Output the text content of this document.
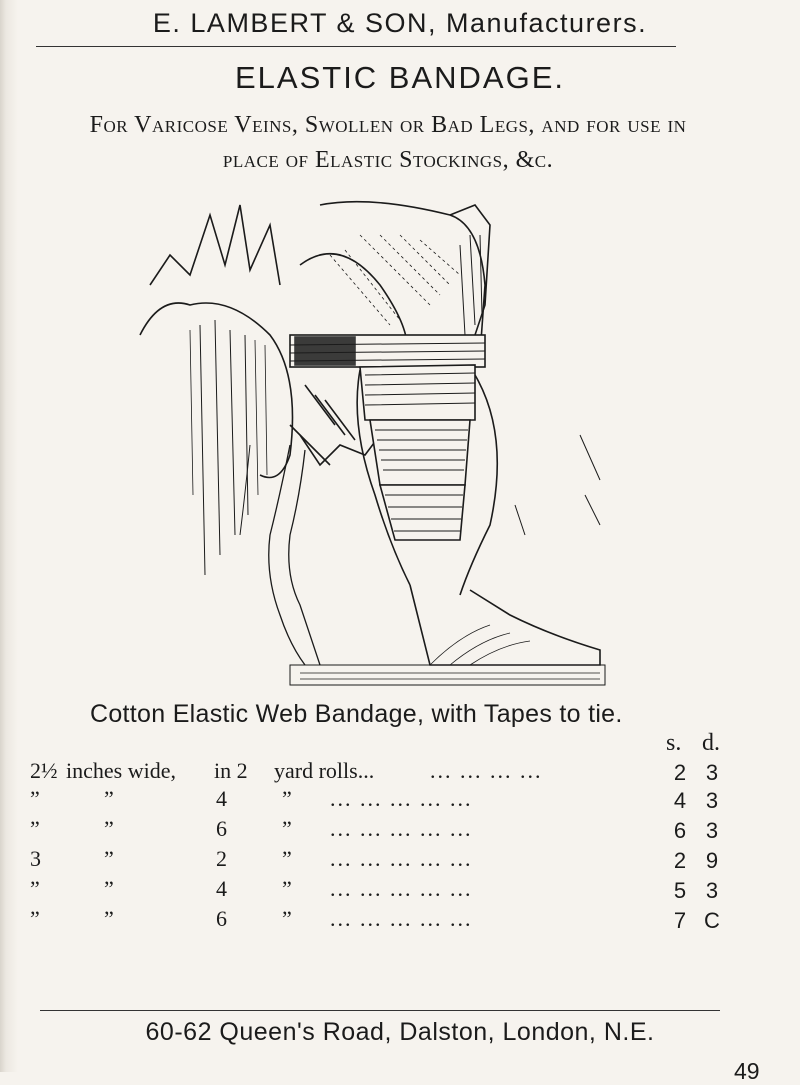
E. LAMBERT & SON, Manufacturers.
ELASTIC BANDAGE.
For Varicose Veins, Swollen or Bad Legs, and for use in
place of Elastic Stockings, &c.
Cotton Elastic Web Bandage, with Tapes to tie.
s. d.
2½ inches wide, in 2 yard rolls...	... ... ... ...	2 3
”	”	4	” ... ... ... ... ...	4 3
”	”	6	” ... ... ... ... ...	6 3
3	”	2	” ... ... ... ... ...	2 9
”	”	4	” ... ... ... ... ...	5 3
”	”	6	” ... ... ... ... ...	7 C
60-62 Queen's Road, Dalston, London, N.E.
49
